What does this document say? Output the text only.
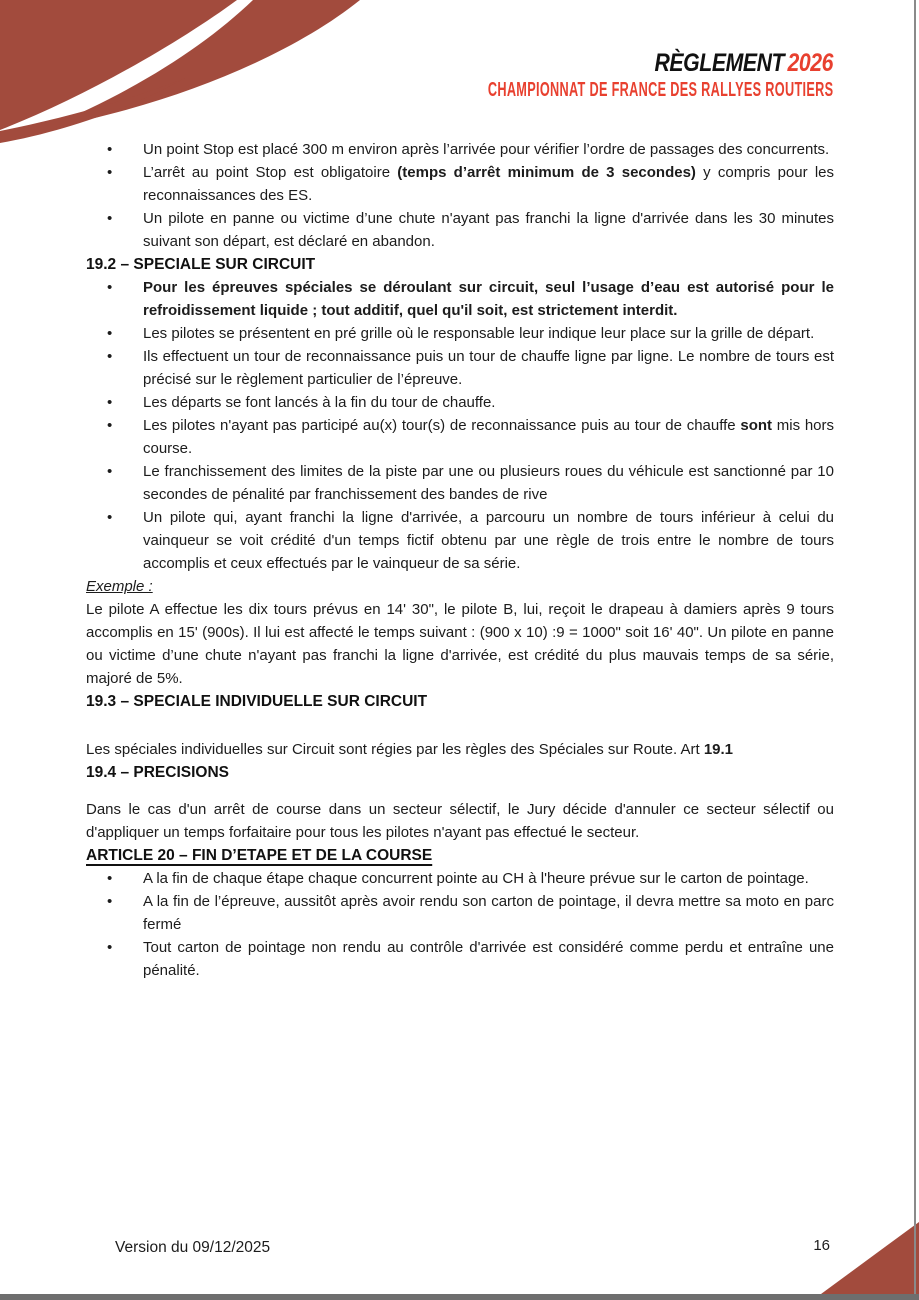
RÈGLEMENT 2026
CHAMPIONNAT DE FRANCE DES RALLYES ROUTIERS
• Un point Stop est placé 300 m environ après l’arrivée pour vérifier l’ordre de passages des concurrents.
• L’arrêt au point Stop est obligatoire (temps d’arrêt minimum de 3 secondes) y compris pour les reconnaissances des ES.
• Un pilote en panne ou victime d’une chute n'ayant pas franchi la ligne d'arrivée dans les 30 minutes suivant son départ, est déclaré en abandon.
19.2 – SPECIALE SUR CIRCUIT
• Pour les épreuves spéciales se déroulant sur circuit, seul l’usage d’eau est autorisé pour le refroidissement liquide ; tout additif, quel qu'il soit, est strictement interdit.
• Les pilotes se présentent en pré grille où le responsable leur indique leur place sur la grille de départ.
• Ils effectuent un tour de reconnaissance puis un tour de chauffe ligne par ligne. Le nombre de tours est précisé sur le règlement particulier de l’épreuve.
• Les départs se font lancés à la fin du tour de chauffe.
• Les pilotes n'ayant pas participé au(x) tour(s) de reconnaissance puis au tour de chauffe sont mis hors course.
• Le franchissement des limites de la piste par une ou plusieurs roues du véhicule est sanctionné par 10 secondes de pénalité par franchissement des bandes de rive
• Un pilote qui, ayant franchi la ligne d'arrivée, a parcouru un nombre de tours inférieur à celui du vainqueur se voit crédité d'un temps fictif obtenu par une règle de trois entre le nombre de tours accomplis et ceux effectués par le vainqueur de sa série.

Exemple :

Le pilote A effectue les dix tours prévus en 14' 30", le pilote B, lui, reçoit le drapeau à damiers après 9 tours accomplis en 15' (900s). Il lui est affecté le temps suivant : (900 x 10) :9 = 1000" soit 16' 40". Un pilote en panne ou victime d’une chute n'ayant pas franchi la ligne d'arrivée, est crédité du plus mauvais temps de sa série, majoré de 5%.

19.3 – SPECIALE INDIVIDUELLE SUR CIRCUIT

Les spéciales individuelles sur Circuit sont régies par les règles des Spéciales sur Route. Art 19.1

19.4 – PRECISIONS

Dans le cas d'un arrêt de course dans un secteur sélectif, le Jury décide d'annuler ce secteur sélectif ou d'appliquer un temps forfaitaire pour tous les pilotes n'ayant pas effectué le secteur.

ARTICLE 20 – FIN D’ETAPE ET DE LA COURSE
• A la fin de chaque étape chaque concurrent pointe au CH à l'heure prévue sur le carton de pointage.
• A la fin de l’épreuve, aussitôt après avoir rendu son carton de pointage, il devra mettre sa moto en parc fermé
• Tout carton de pointage non rendu au contrôle d'arrivée est considéré comme perdu et entraîne une pénalité.
Version du 09/12/2025	16
